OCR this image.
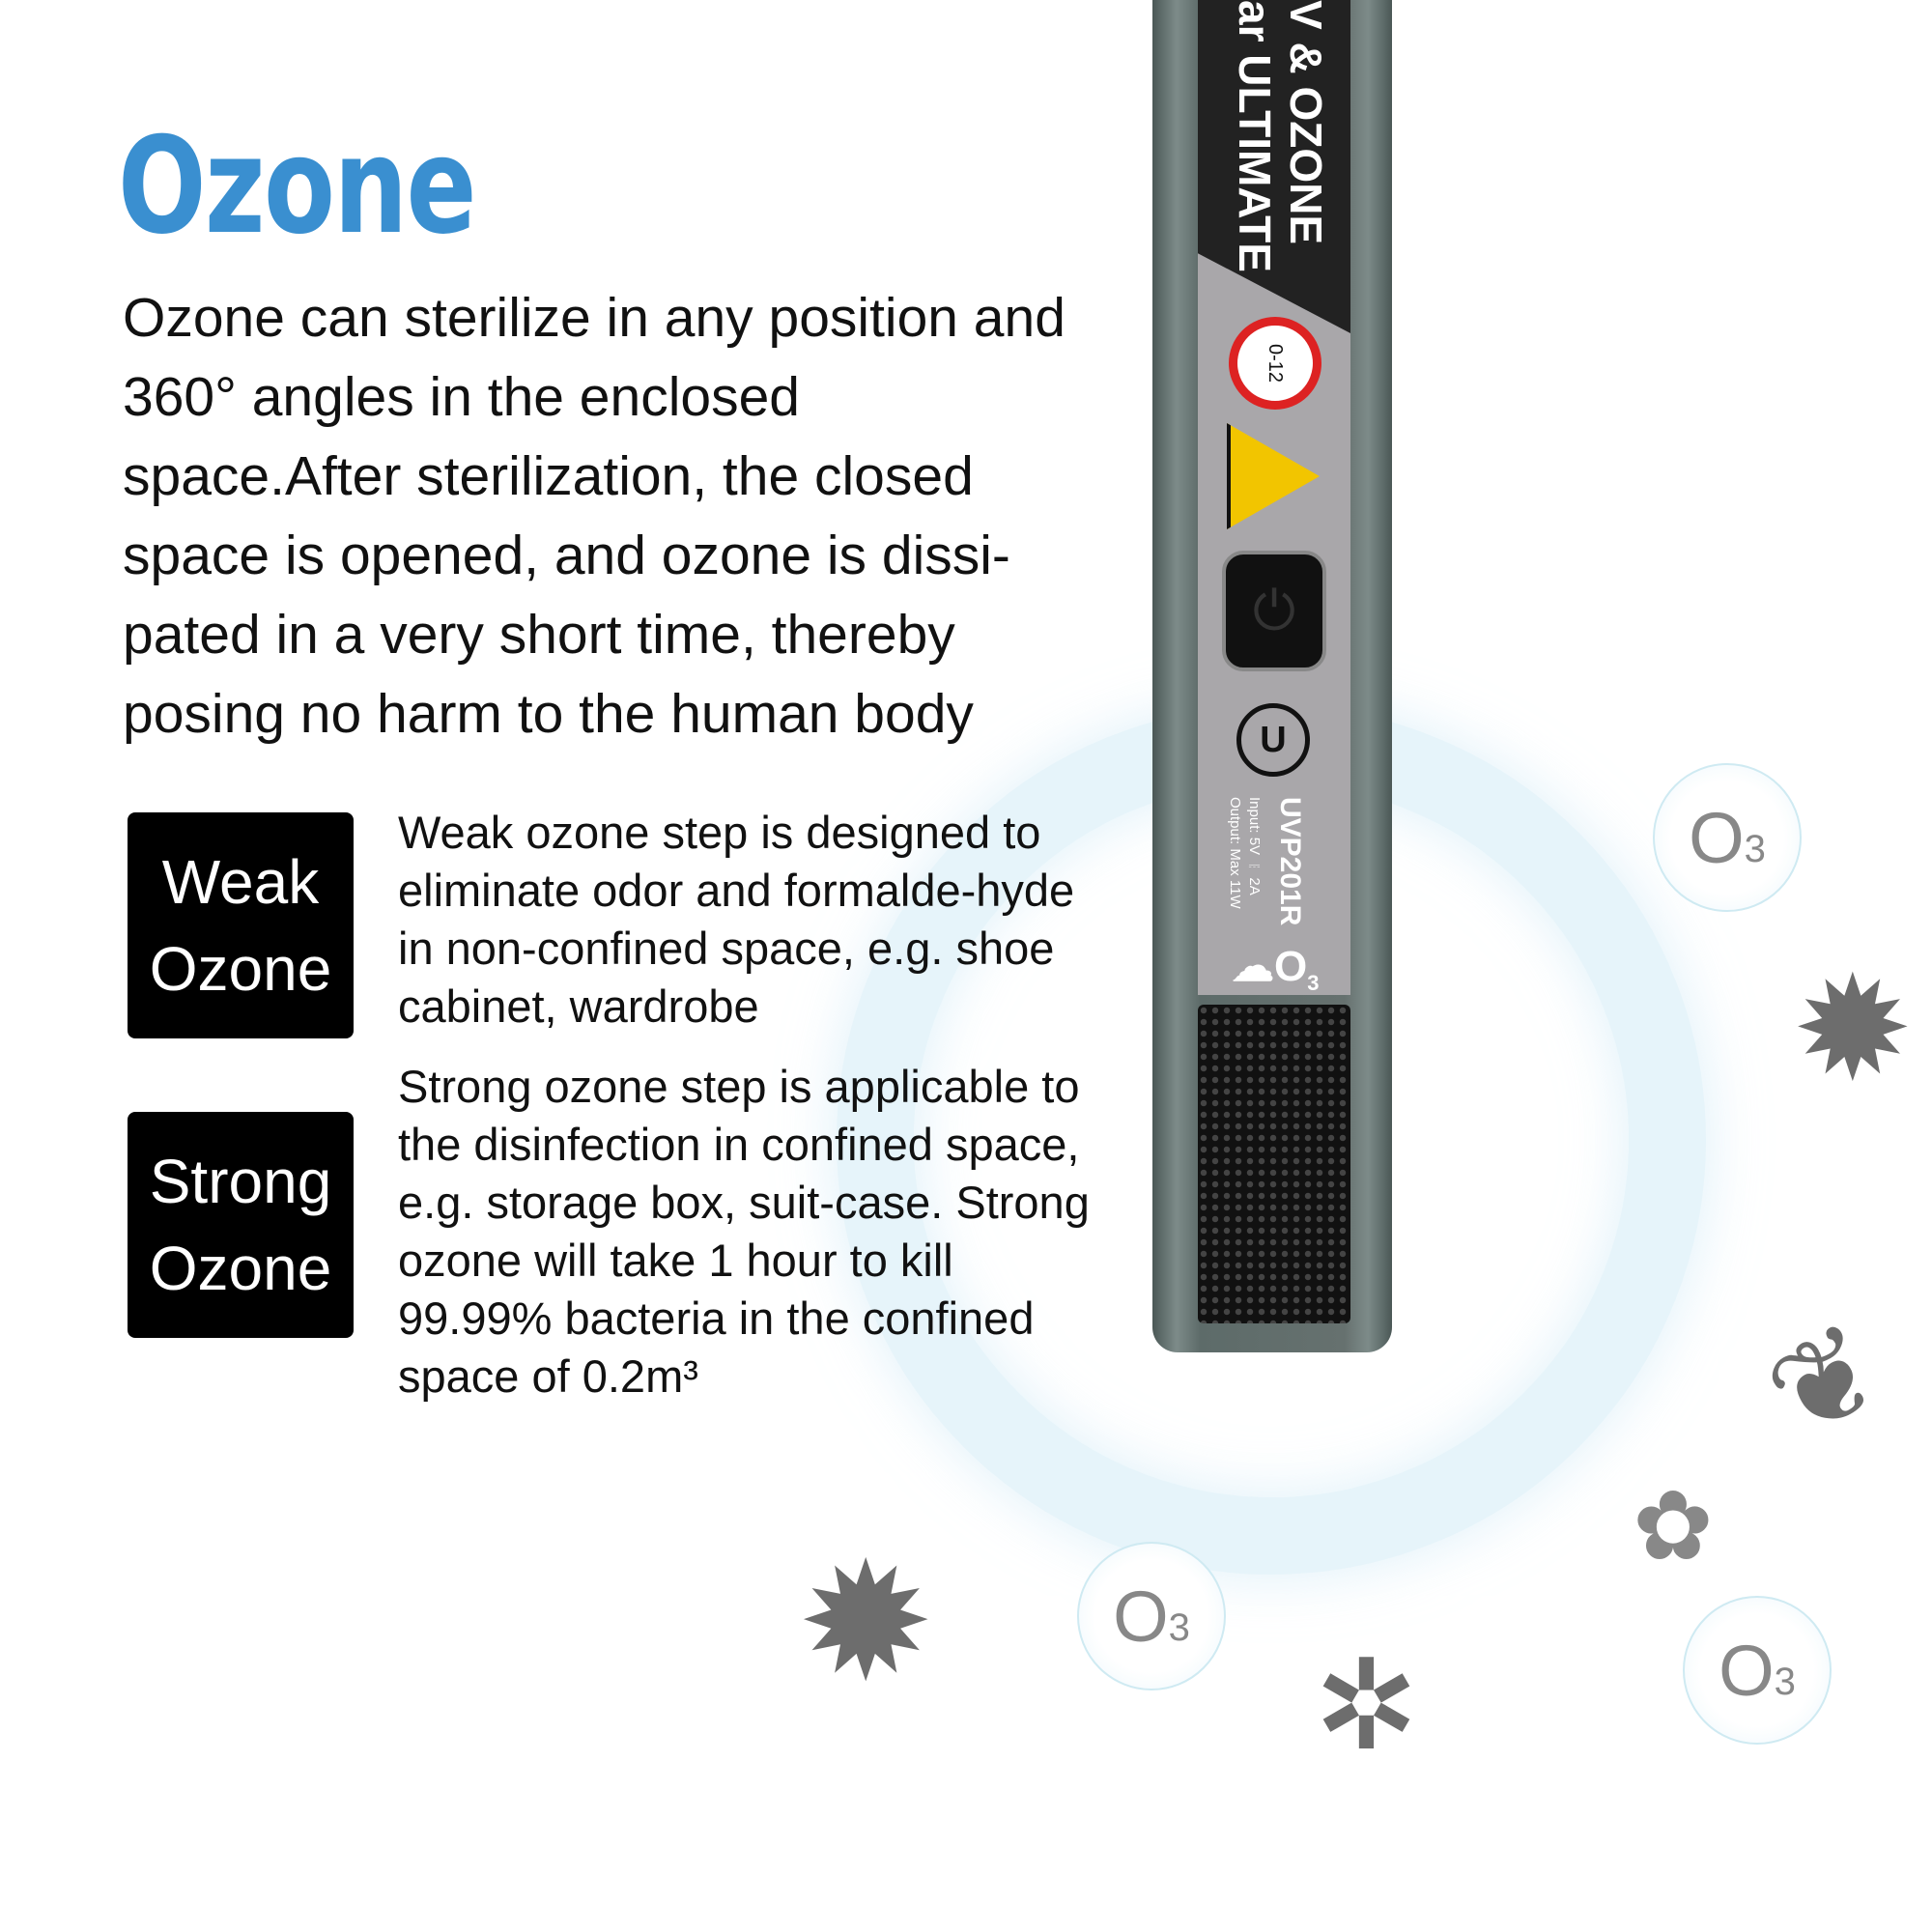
Ozone
Ozone can sterilize in any position and 360° angles in the enclosed space.After sterilization, the closed space is opened, and ozone is dissi-pated in a very short time, thereby posing no harm to the human body
Weak
Ozone
Weak ozone step is designed to eliminate odor and formalde-hyde in non-confined space, e.g. shoe cabinet, wardrobe
Strong
Ozone
Strong ozone step is applicable to the disinfection in confined space, e.g. storage box, suit-case. Strong ozone will take 1 hour to kill 99.99% bacteria in the confined space of 0.2m³
V & OZONE
ar ULTIMATE
0-12
⏻
U
UVP201R
Input: 5V ⎓ 2A
Output: Max 11W
$☁O_3$
O 3
O 3
O 3
✹
✹	✲
❦
✿
